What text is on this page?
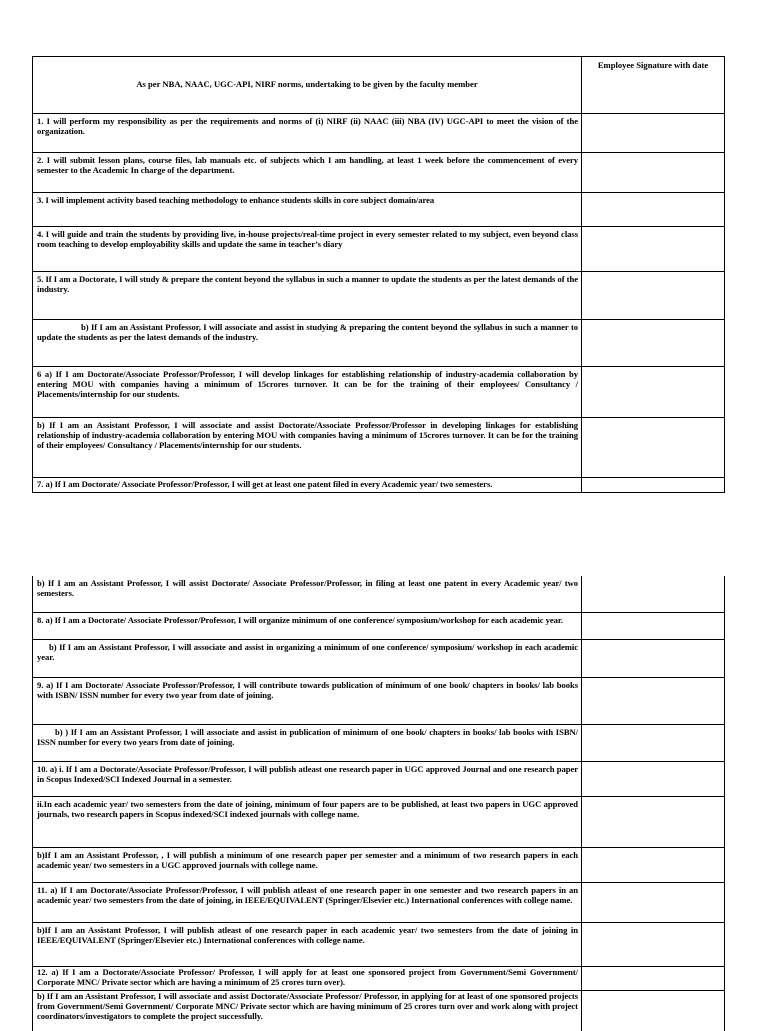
As per NBA, NAAC, UGC-API, NIRF norms, undertaking to be given by the faculty member
Employee Signature with date
1. I will perform my responsibility as per the requirements and norms of (i) NIRF (ii) NAAC (iii) NBA (IV) UGC-API to meet the vision of the organization.
2. I will submit lesson plans, course files, lab manuals etc. of subjects which I am handling, at least 1 week before the commencement of every semester to the Academic In charge of the department.
3. I will implement activity based teaching methodology to enhance students skills in core subject domain/area
4. I will guide and train the students by providing live, in-house projects/real-time project in every semester related to my subject, even beyond class room teaching to develop employability skills and update the same in teacher’s diary
5. If I am a Doctorate, I will study & prepare the content beyond the syllabus in such a manner to update the students as per the latest demands of the industry.
b) If I am an Assistant Professor, I will associate and assist in studying & preparing the content beyond the syllabus in such a manner to update the students as per the latest demands of the industry.
6 a) If I am Doctorate/Associate Professor/Professor, I will develop linkages for establishing relationship of industry-academia collaboration by entering MOU with companies having a minimum of 15crores turnover. It can be for the training of their employees/ Consultancy / Placements/internship for our students.
b) If I am an Assistant Professor, I will associate and assist Doctorate/Associate Professor/Professor in developing linkages for establishing relationship of industry-academia collaboration by entering MOU with companies having a minimum of 15crores turnover. It can be for the training of their employees/ Consultancy / Placements/internship for our students.
7. a) If I am Doctorate/ Associate Professor/Professor, I will get at least one patent filed in every Academic year/ two semesters.
b) If I am an Assistant Professor, I will assist Doctorate/ Associate Professor/Professor, in filing at least one patent in every Academic year/ two semesters.
8. a) If I am a Doctorate/ Associate Professor/Professor, I will organize minimum of one conference/ symposium/workshop for each academic year.
b) If I am an Assistant Professor, I will associate and assist in organizing a minimum of one conference/ symposium/ workshop in each academic year.
9. a) If I am Doctorate/ Associate Professor/Professor, I will contribute towards publication of minimum of one book/ chapters in books/ lab books with ISBN/ ISSN number for every two year from date of joining.
b) ) If I am an Assistant Professor, I will associate and assist in publication of minimum of one book/ chapters in books/ lab books with ISBN/ ISSN number for every two years from date of joining.
10. a) i. If I am a Doctorate/Associate Professor/Professor, I will publish atleast one research paper in UGC approved Journal and one research paper in Scopus Indexed/SCI Indexed Journal in a semester.
ii.In each academic year/ two semesters from the date of joining, minimum of four papers are to be published, at least two papers in UGC approved journals, two research papers in Scopus indexed/SCI indexed journals with college name.
b)If I am an Assistant Professor, , I will publish a minimum of one research paper per semester and a minimum of two research papers in each academic year/ two semesters in a UGC approved journals with college name.
11. a) If I am Doctorate/Associate Professor/Professor, I will publish atleast of one research paper in one semester and two research papers in an academic year/ two semesters from the date of joining, in IEEE/EQUIVALENT (Springer/Elsevier etc.) International conferences with college name.
b)If I am an Assistant Professor, I will publish atleast of one research paper in each academic year/ two semesters from the date of joining in IEEE/EQUIVALENT (Springer/Elsevier etc.) International conferences with college name.
12. a) If I am a Doctorate/Associate Professor/ Professor, I will apply for at least one sponsored project from Government/Semi Government/ Corporate MNC/ Private sector which are having a minimum of 25 crores turn over).
b) If I am an Assistant Professor, I will associate and assist Doctorate/Associate Professor/ Professor, in applying for at least of one sponsored projects from Government/Semi Government/ Corporate MNC/ Private sector which are having minimum of 25 crores turn over and work along with project coordinators/investigators to complete the project successfully.
